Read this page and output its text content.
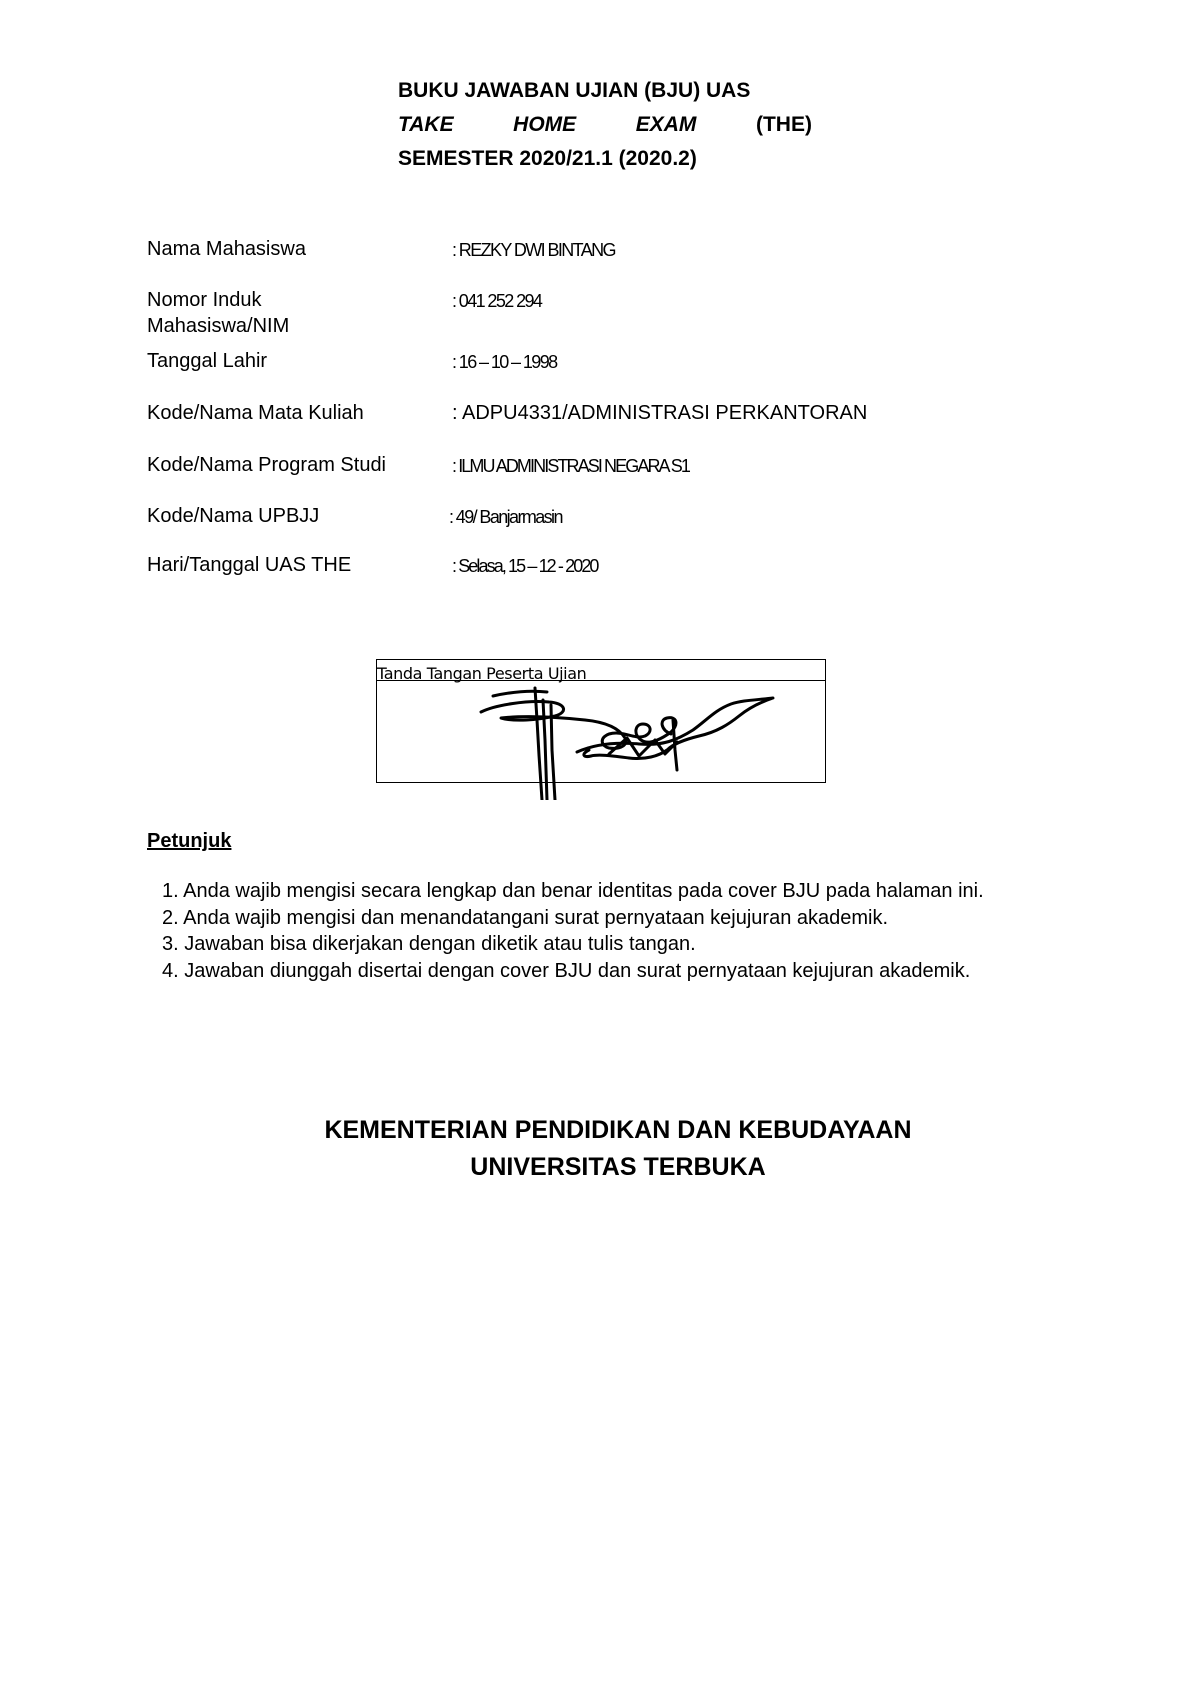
BUKU JAWABAN UJIAN (BJU) UAS
TAKE	HOME	EXAM	(THE)
SEMESTER 2020/21.1 (2020.2)
Nama Mahasiswa	: REZKY DWI BINTANG
Nomor Induk
Mahasiswa/NIM
: 041 252 294
Tanggal Lahir	: 16 – 10 – 1998
Kode/Nama Mata Kuliah	: ADPU4331/ADMINISTRASI PERKANTORAN
Kode/Nama Program Studi	: ILMU ADMINISTRASI NEGARA S1
Kode/Nama UPBJJ	: 49/ Banjarmasin
Hari/Tanggal UAS THE	: Selasa, 15 – 12 - 2020
Tanda Tangan Peserta Ujian
Petunjuk
1. Anda wajib mengisi secara lengkap dan benar identitas pada cover BJU pada halaman ini.
2. Anda wajib mengisi dan menandatangani surat pernyataan kejujuran akademik.
3. Jawaban bisa dikerjakan dengan diketik atau tulis tangan.
4. Jawaban diunggah disertai dengan cover BJU dan surat pernyataan kejujuran akademik.
KEMENTERIAN PENDIDIKAN DAN KEBUDAYAAN
UNIVERSITAS TERBUKA
